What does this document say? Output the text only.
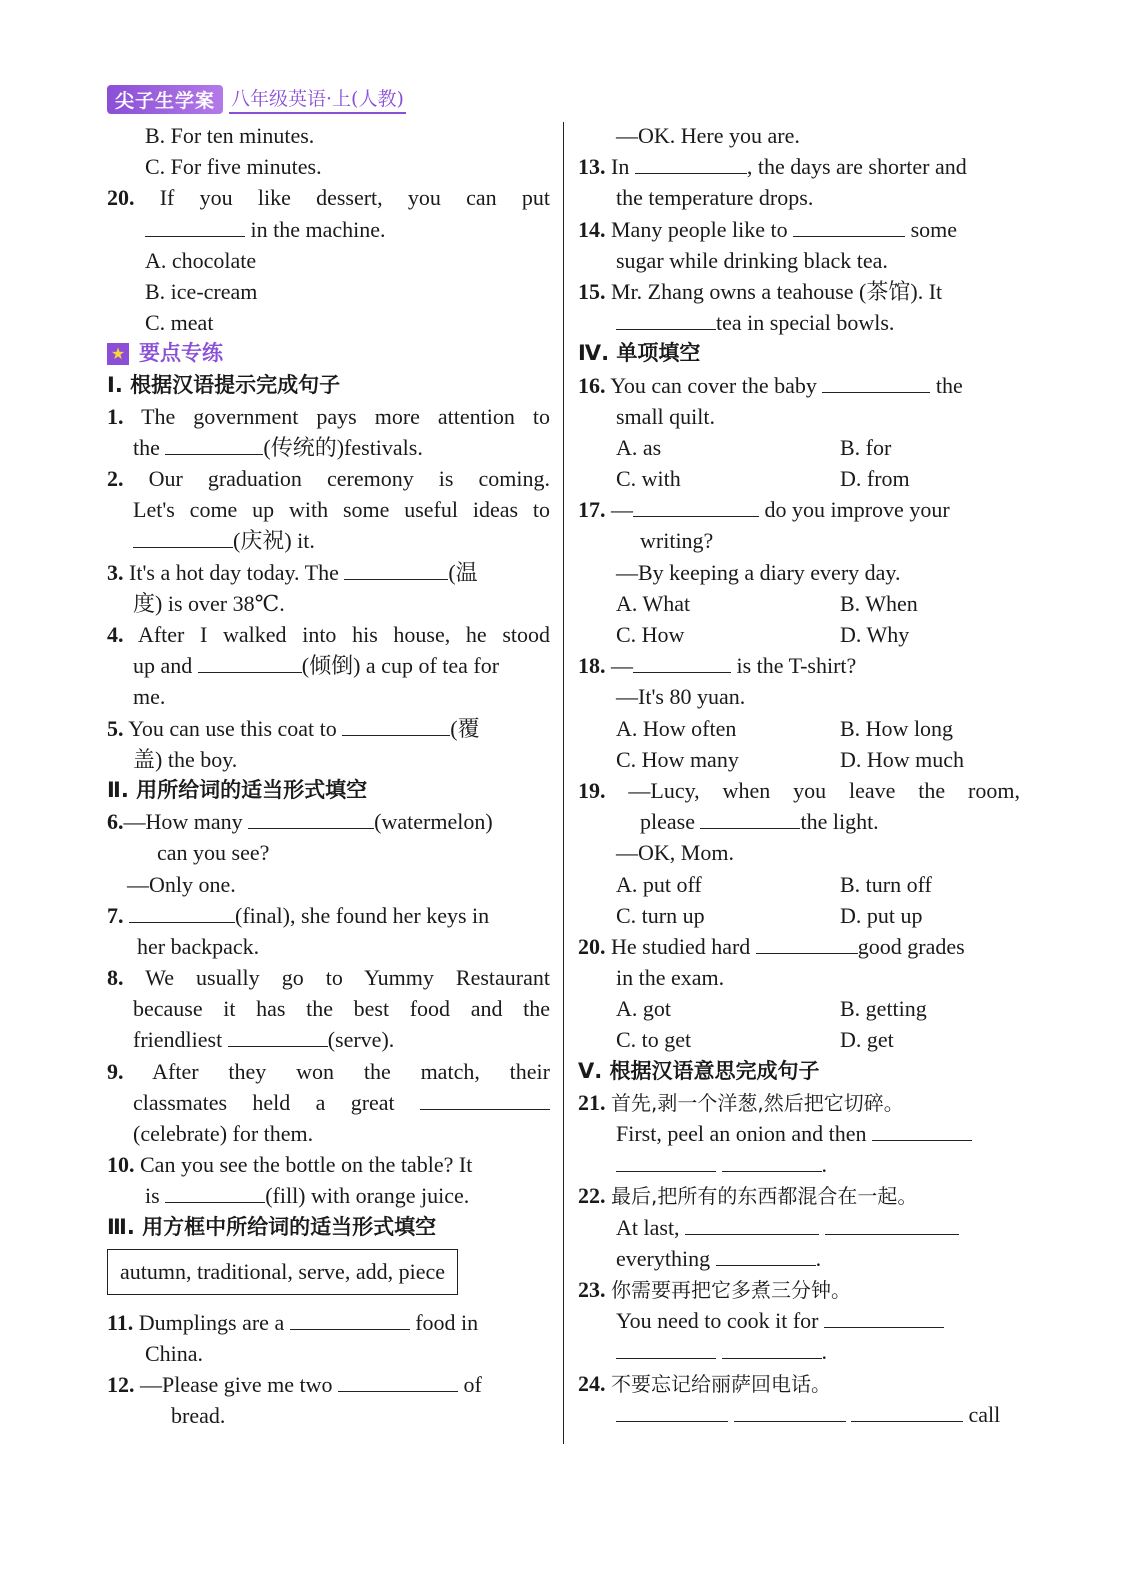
尖子生学案 八年级英语·上(人教)
B. For ten minutes.
C. For five minutes.
20. If you like dessert, you can put
in the machine.
A. chocolate
B. ice-cream
C. meat
★ 要点专练
Ⅰ. 根据汉语提示完成句子
1. The government pays more attention to
the	(传统的)festivals.
2. Our graduation ceremony is coming.
Let's come up with some useful ideas to
(庆祝) it.
3. It's a hot day today. The	(温
度) is over 38℃.
4. After I walked into his house, he stood
up and	(倾倒) a cup of tea for
me.
5. You can use this coat to	(覆
盖) the boy.
Ⅱ. 用所给词的适当形式填空
6.—How many	(watermelon)
can you see?
—Only one.
7.	(final), she found her keys in
her backpack.
8. We usually go to Yummy Restaurant
because it has the best food and the
friendliest	(serve).
9. After they won the match, their
classmates held a great
(celebrate) for them.
10. Can you see the bottle on the table? It
is	(fill) with orange juice.
Ⅲ. 用方框中所给词的适当形式填空
autumn, traditional, serve, add, piece
11. Dumplings are a	food in
China.
12. —Please give me two	of
bread.
—OK. Here you are.
13. In	, the days are shorter and
the temperature drops.
14. Many people like to	some
sugar while drinking black tea.
15. Mr. Zhang owns a teahouse (茶馆). It
tea in special bowls.
Ⅳ. 单项填空
16. You can cover the baby	the
small quilt.
A. as	B. for
C. with	D. from
17. —	do you improve your
writing?
—By keeping a diary every day.
A. What	B. When
C. How	D. Why
18. —	is the T-shirt?
—It's 80 yuan.
A. How often	B. How long
C. How many	D. How much
19. —Lucy, when you leave the room,
please	the light.
—OK, Mom.
A. put off	B. turn off
C. turn up	D. put up
20. He studied hard	good grades
in the exam.
A. got	B. getting
C. to get	D. get
Ⅴ. 根据汉语意思完成句子
21. 首先,剥一个洋葱,然后把它切碎。
First, peel an onion and then
.
22. 最后,把所有的东西都混合在一起。
At last,
everything	.
23. 你需要再把它多煮三分钟。
You need to cook it for
.
24. 不要忘记给丽萨回电话。
call
